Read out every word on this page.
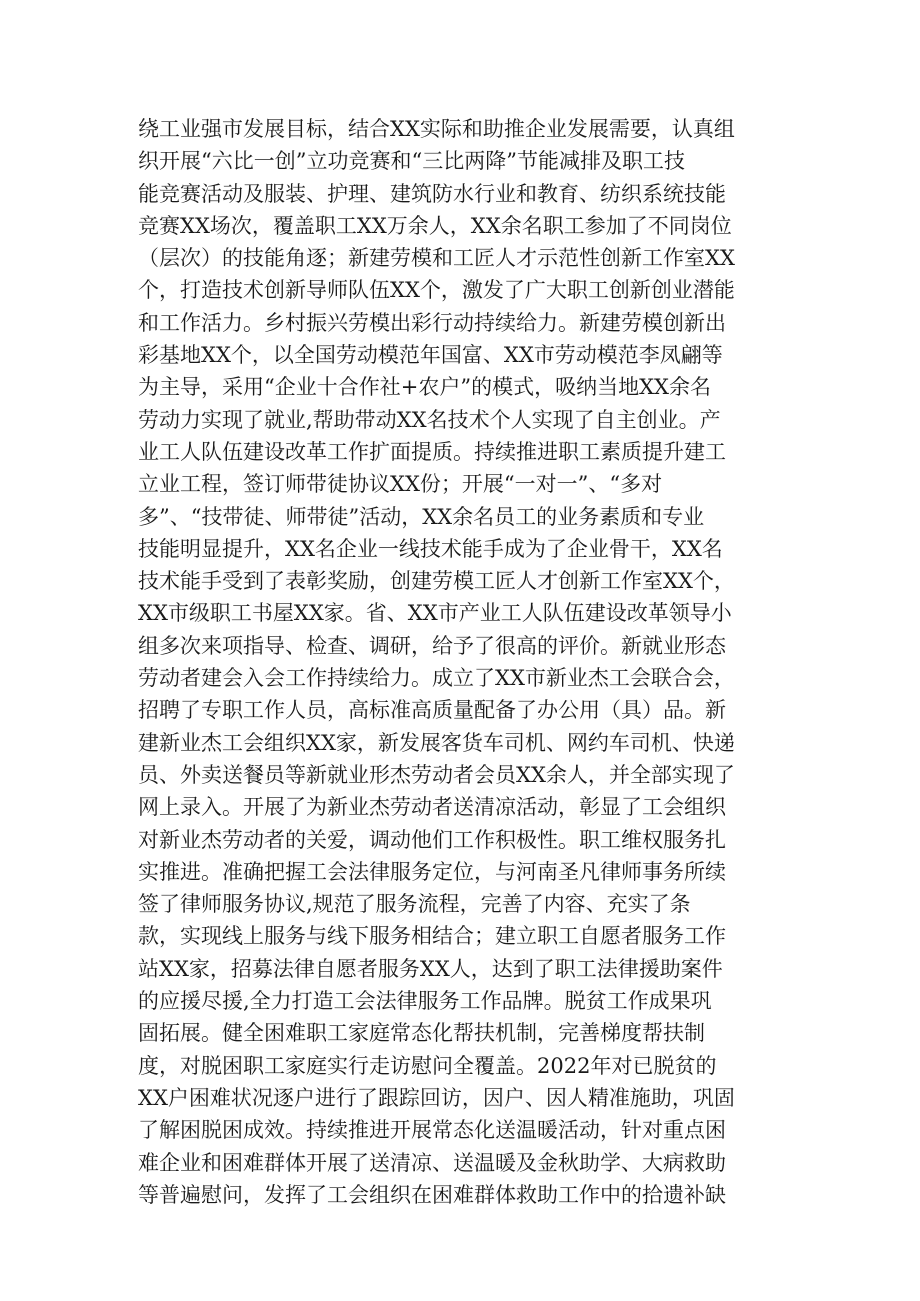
绕工业强市发展目标，结合XX实际和助推企业发展需要，认真组
织开展“六比一创”立功竞赛和“三比两降”节能减排及职工技
能竞赛活动及服装、护理、建筑防水行业和教育、纺织系统技能
竞赛XX场次，覆盖职工XX万余人，XX余名职工参加了不同岗位
（层次）的技能角逐；新建劳模和工匠人才示范性创新工作室XX
个，打造技术创新导师队伍XX个，激发了广大职工创新创业潜能
和工作活力。乡村振兴劳模出彩行动持续给力。新建劳模创新出
彩基地XX个，以全国劳动模范年国富、XX市劳动模范李凤翩等
为主导，采用“企业十合作社+农户”的模式，吸纳当地XX余名
劳动力实现了就业,帮助带动XX名技术个人实现了自主创业。产
业工人队伍建设改革工作扩面提质。持续推进职工素质提升建工
立业工程，签订师带徒协议XX份；开展“一对一”、“多对
多”、“技带徒、师带徒”活动，XX余名员工的业务素质和专业
技能明显提升，XX名企业一线技术能手成为了企业骨干，XX名
技术能手受到了表彰奖励，创建劳模工匠人才创新工作室XX个，
XX市级职工书屋XX家。省、XX市产业工人队伍建设改革领导小
组多次来项指导、检查、调研，给予了很高的评价。新就业形态
劳动者建会入会工作持续给力。成立了XX市新业杰工会联合会，
招聘了专职工作人员，高标准高质量配备了办公用（具）品。新
建新业杰工会组织XX家，新发展客货车司机、网约车司机、快递
员、外卖送餐员等新就业形杰劳动者会员XX余人，并全部实现了
网上录入。开展了为新业杰劳动者送清凉活动，彰显了工会组织
对新业杰劳动者的关爱，调动他们工作积极性。职工维权服务扎
实推进。准确把握工会法律服务定位，与河南圣凡律师事务所续
签了律师服务协议,规范了服务流程，完善了内容、充实了条
款，实现线上服务与线下服务相结合；建立职工自愿者服务工作
站XX家，招募法律自愿者服务XX人，达到了职工法律援助案件
的应援尽援,全力打造工会法律服务工作品牌。脱贫工作成果巩
固拓展。健全困难职工家庭常态化帮扶机制，完善梯度帮扶制
度，对脱困职工家庭实行走访慰问全覆盖。2022年对已脱贫的
XX户困难状况逐户进行了跟踪回访，因户、因人精准施助，巩固
了解困脱困成效。持续推进开展常态化送温暖活动，针对重点困
难企业和困难群体开展了送清凉、送温暖及金秋助学、大病救助
等普遍慰问，发挥了工会组织在困难群体救助工作中的拾遗补缺
